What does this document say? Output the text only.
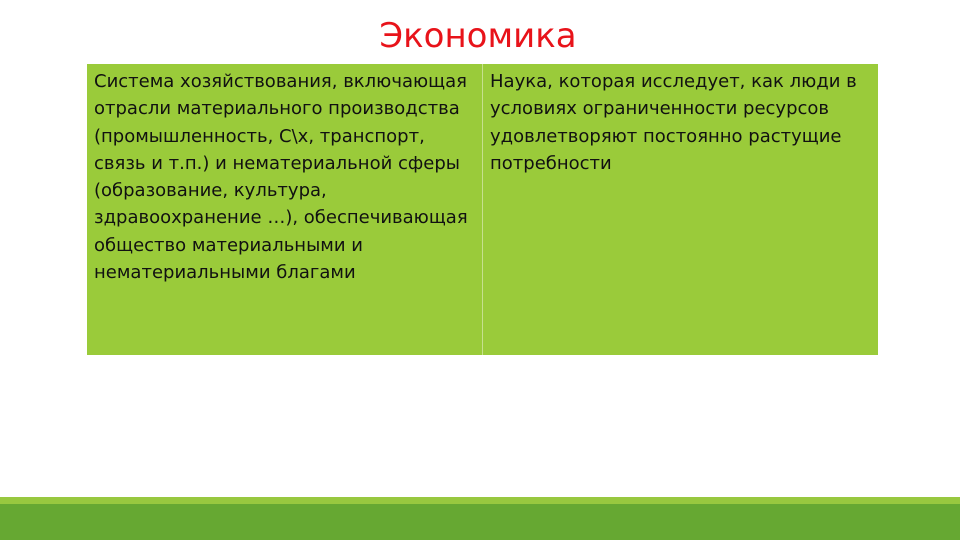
Экономика
Система хозяйствования, включающая отрасли материального производства (промышленность, С\х, транспорт, связь и т.п.) и нематериальной сферы (образование, культура, здравоохранение …), обеспечивающая общество материальными и нематериальными благами
Наука, которая исследует, как люди в условиях ограниченности ресурсов удовлетворяют постоянно растущие потребности
